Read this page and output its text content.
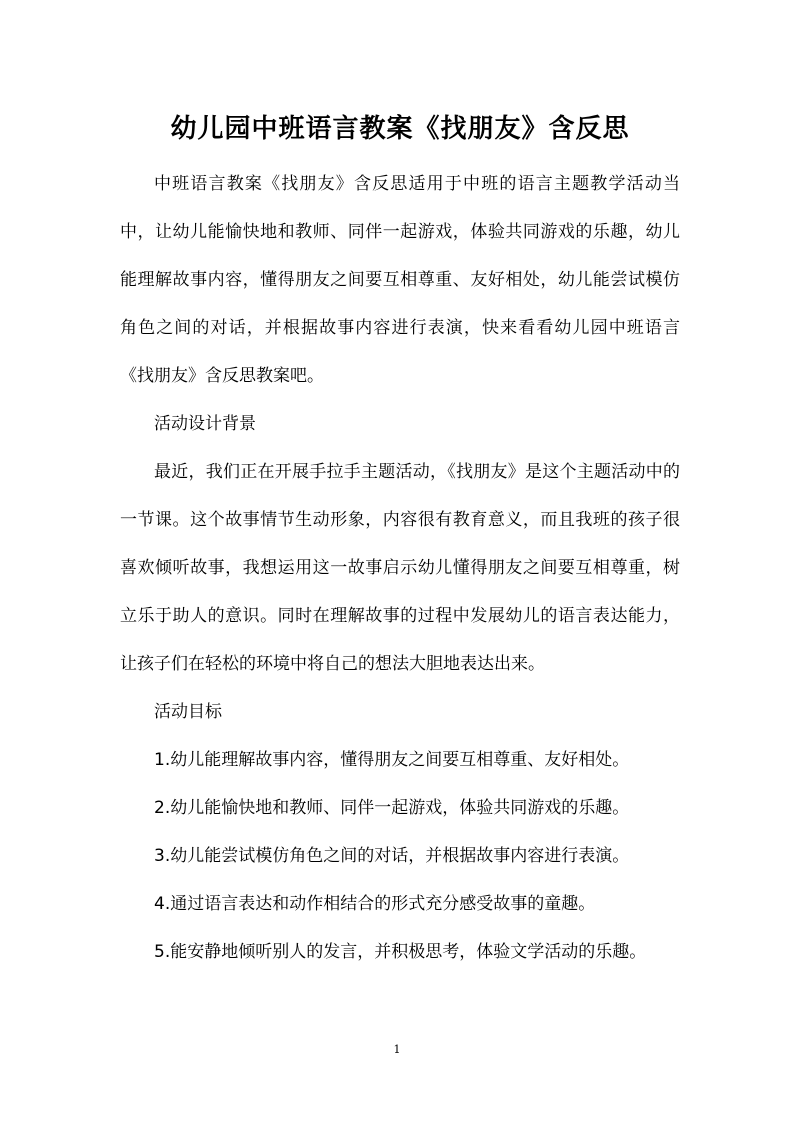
幼儿园中班语言教案《找朋友》含反思

中班语言教案《找朋友》含反思适用于中班的语言主题教学活动当中，让幼儿能愉快地和教师、同伴一起游戏，体验共同游戏的乐趣，幼儿能理解故事内容，懂得朋友之间要互相尊重、友好相处，幼儿能尝试模仿角色之间的对话，并根据故事内容进行表演，快来看看幼儿园中班语言《找朋友》含反思教案吧。

活动设计背景

最近，我们正在开展手拉手主题活动，《找朋友》是这个主题活动中的一节课。这个故事情节生动形象，内容很有教育意义，而且我班的孩子很喜欢倾听故事，我想运用这一故事启示幼儿懂得朋友之间要互相尊重，树立乐于助人的意识。同时在理解故事的过程中发展幼儿的语言表达能力，让孩子们在轻松的环境中将自己的想法大胆地表达出来。

活动目标

1.幼儿能理解故事内容，懂得朋友之间要互相尊重、友好相处。

2.幼儿能愉快地和教师、同伴一起游戏，体验共同游戏的乐趣。

3.幼儿能尝试模仿角色之间的对话，并根据故事内容进行表演。

4.通过语言表达和动作相结合的形式充分感受故事的童趣。

5.能安静地倾听别人的发言，并积极思考，体验文学活动的乐趣。

1
